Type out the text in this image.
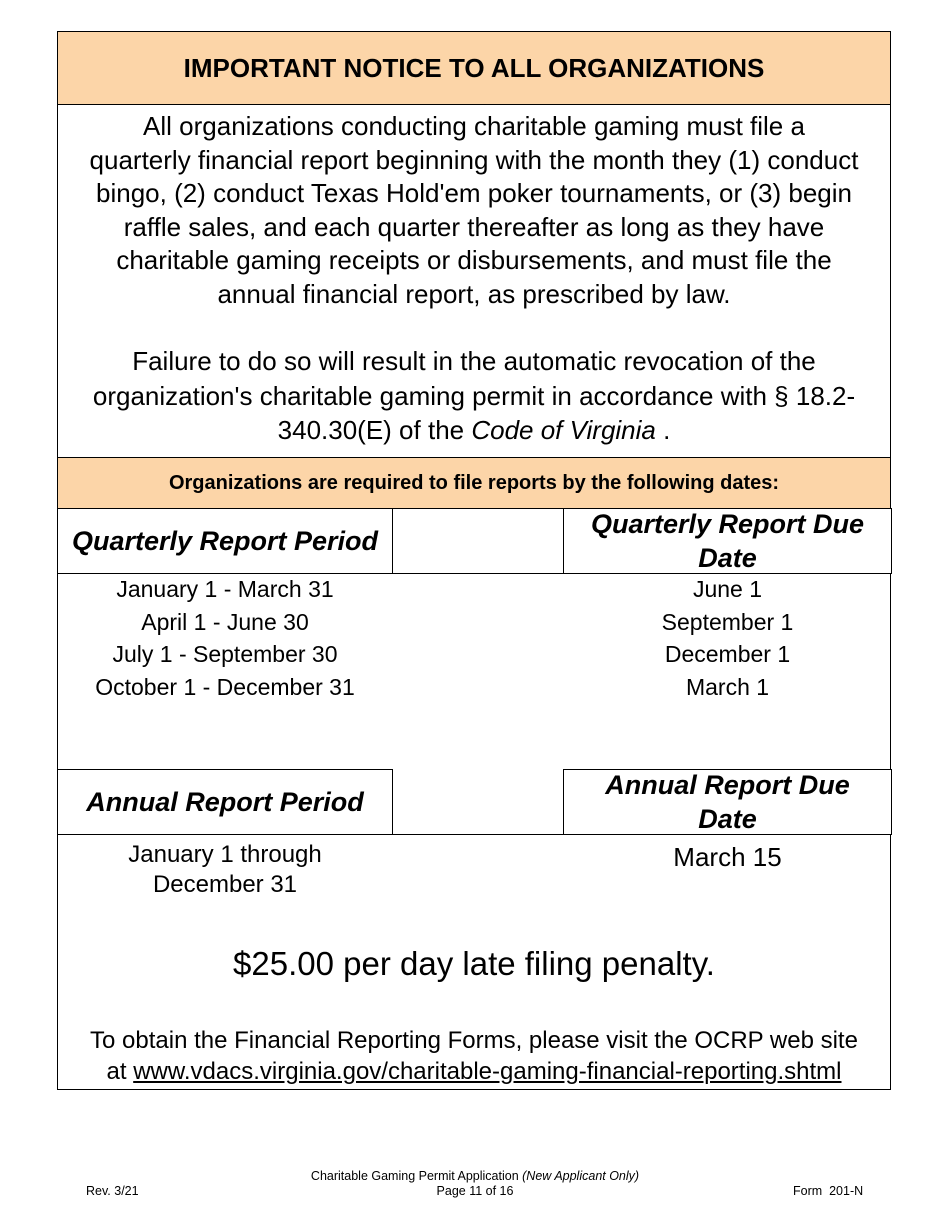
IMPORTANT NOTICE TO ALL ORGANIZATIONS
All organizations conducting charitable gaming must file a
quarterly financial report beginning with the month they (1) conduct
bingo, (2) conduct Texas Hold'em poker tournaments, or (3) begin
raffle sales, and each quarter thereafter as long as they have
charitable gaming receipts or disbursements, and must file the
annual financial report, as prescribed by law.
Failure to do so will result in the automatic revocation of the
organization's charitable gaming permit in accordance with § 18.2-
340.30(E) of the Code of Virginia .
Organizations are required to file reports by the following dates:
Quarterly Report Period
Quarterly Report Due
Date
January 1 - March 31
April 1 - June 30
July 1 - September 30
October 1 - December 31
June 1
September 1
December 1
March 1
Annual Report Period
Annual Report Due
Date
January 1 through
December 31
March 15
$25.00 per day late filing penalty.
To obtain the Financial Reporting Forms, please visit the OCRP web site
at www.vdacs.virginia.gov/charitable-gaming-financial-reporting.shtml
Rev. 3/21
Charitable Gaming Permit Application (New Applicant Only)
Page 11 of 16	Form  201-N
